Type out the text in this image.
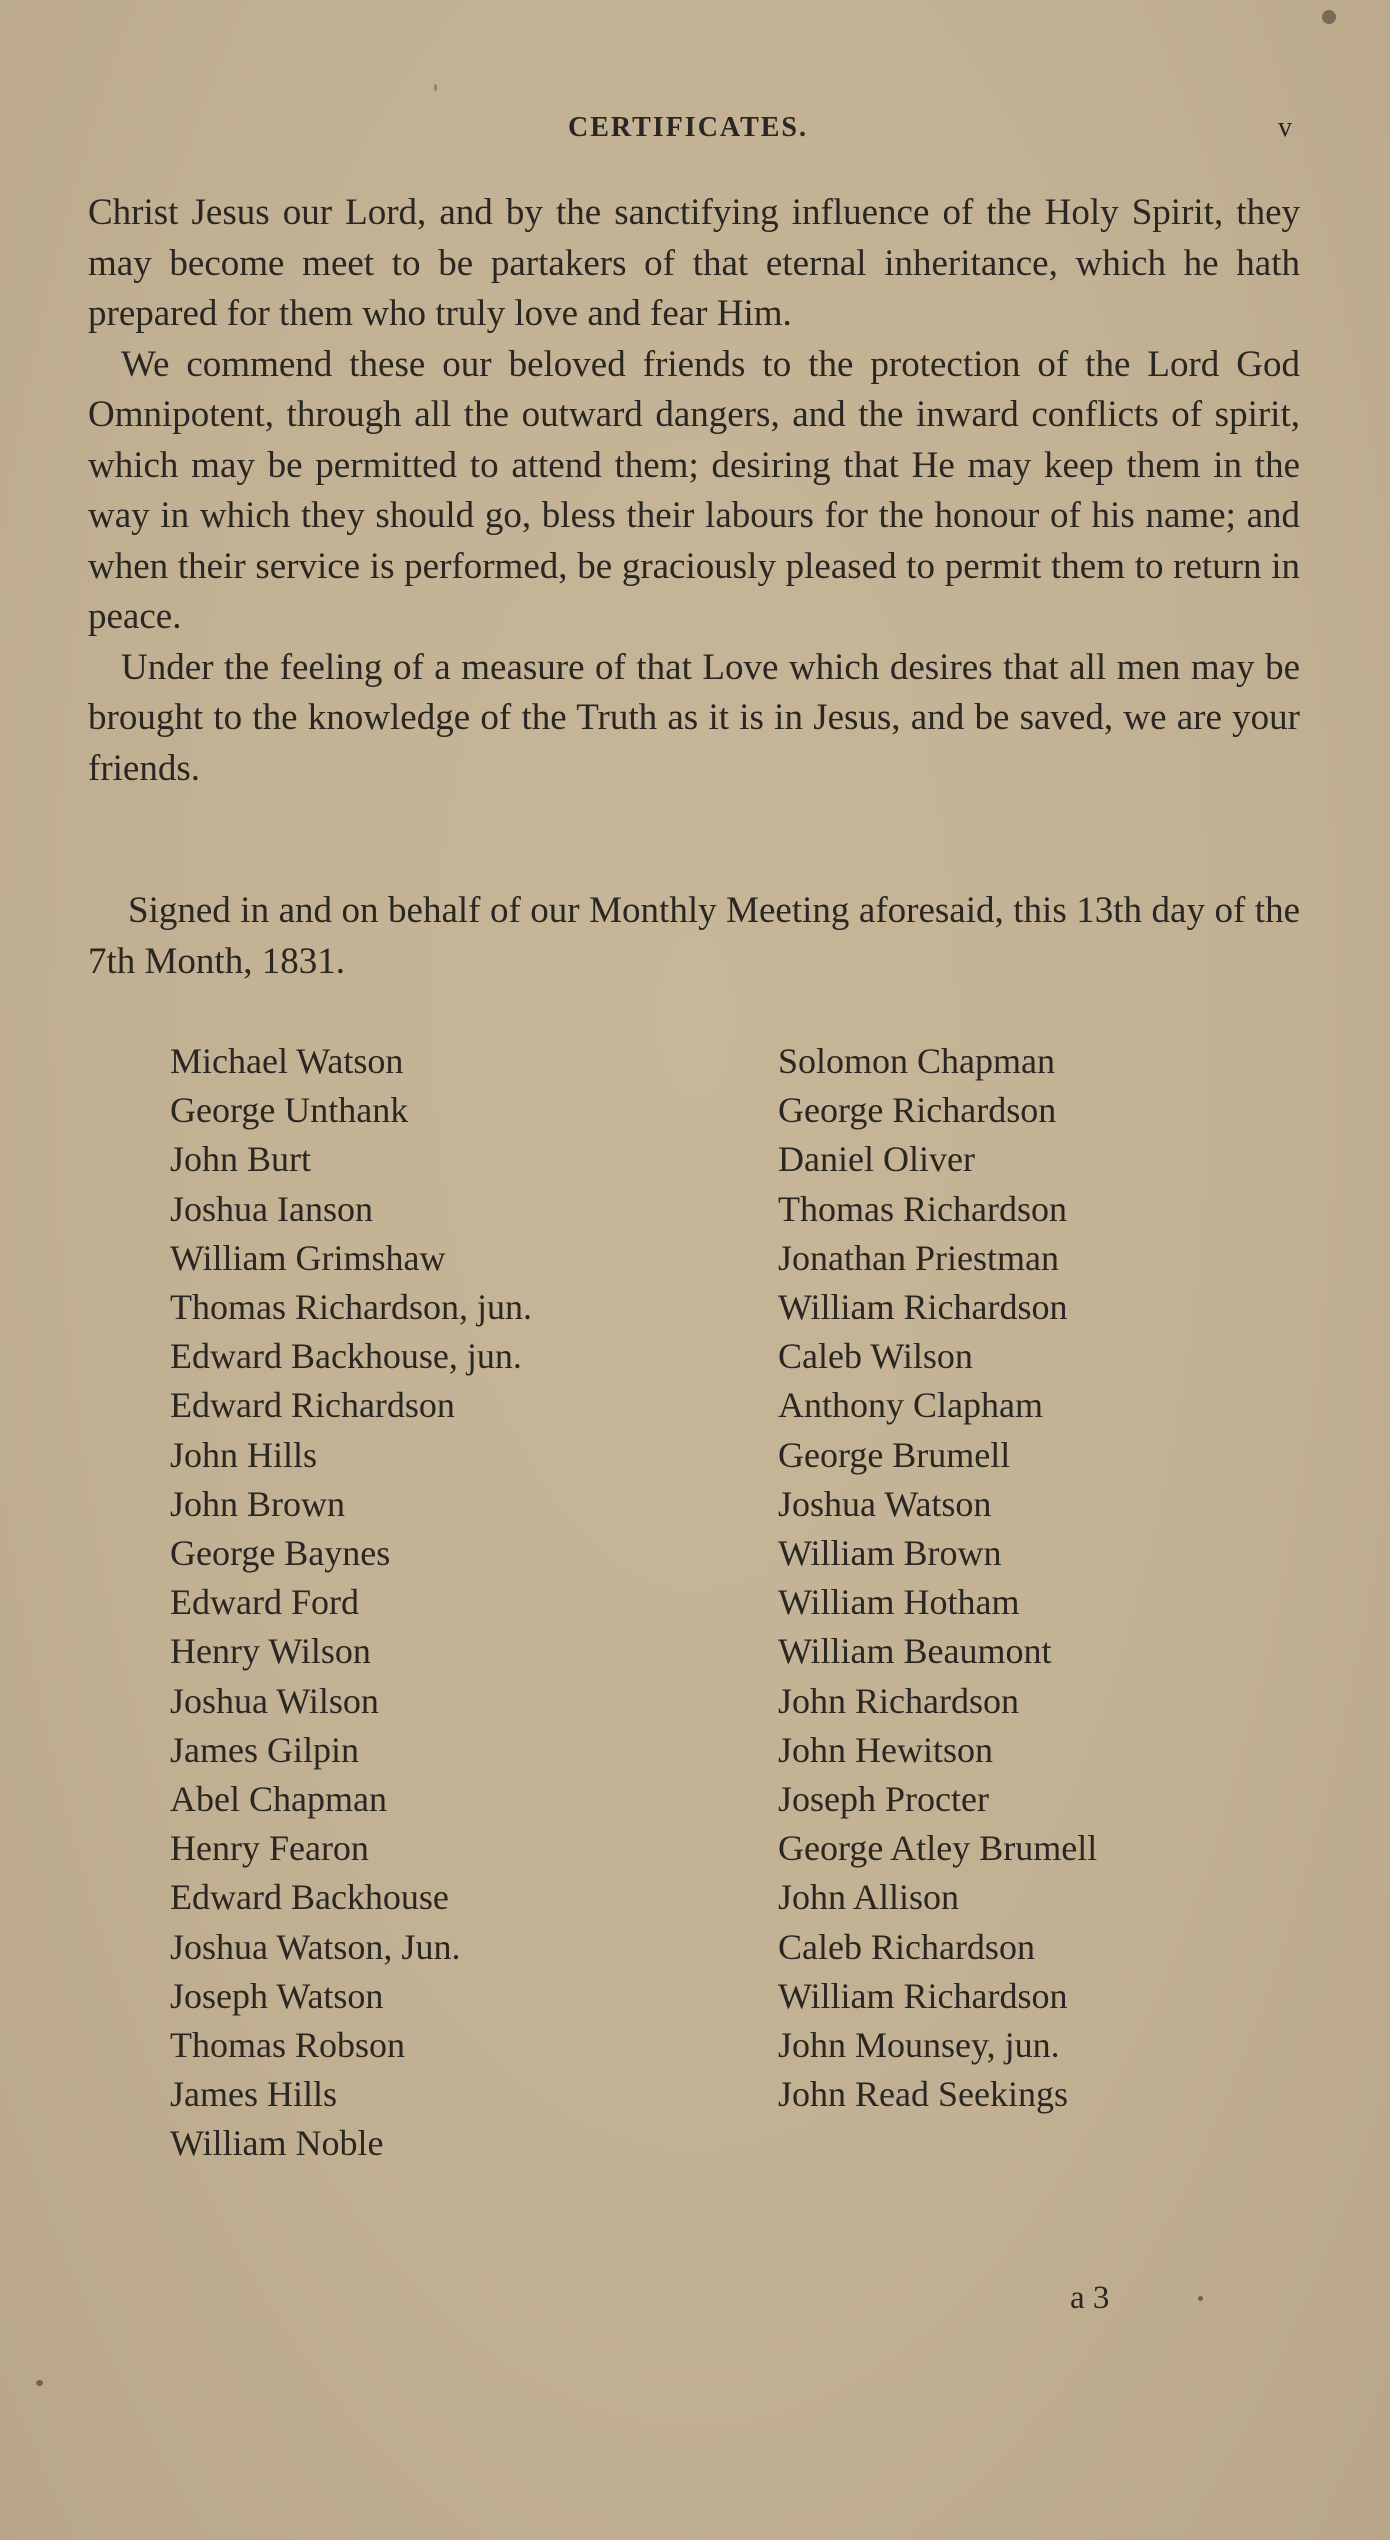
CERTIFICATES.	v

Christ Jesus our Lord, and by the sanctifying influence of the Holy Spirit, they may become meet to be partakers of that eternal inheritance, which he hath prepared for them who truly love and fear Him.

We commend these our beloved friends to the protection of the Lord God Omnipotent, through all the outward dangers, and the inward conflicts of spirit, which may be permitted to attend them; desiring that He may keep them in the way in which they should go, bless their labours for the honour of his name; and when their service is performed, be graciously pleased to permit them to return in peace.

Under the feeling of a measure of that Love which desires that all men may be brought to the knowledge of the Truth as it is in Jesus, and be saved, we are your friends.

Signed in and on behalf of our Monthly Meeting aforesaid, this 13th day of the 7th Month, 1831.
Michael Watson
George Unthank
John Burt
Joshua Ianson
William Grimshaw
Thomas Richardson, jun.
Edward Backhouse, jun.
Edward Richardson
John Hills
John Brown
George Baynes
Edward Ford
Henry Wilson
Joshua Wilson
James Gilpin
Abel Chapman
Henry Fearon
Edward Backhouse
Joshua Watson, Jun.
Joseph Watson
Thomas Robson
James Hills
William Noble
Solomon Chapman
George Richardson
Daniel Oliver
Thomas Richardson
Jonathan Priestman
William Richardson
Caleb Wilson
Anthony Clapham
George Brumell
Joshua Watson
William Brown
William Hotham
William Beaumont
John Richardson
John Hewitson
Joseph Procter
George Atley Brumell
John Allison
Caleb Richardson
William Richardson
John Mounsey, jun.
John Read Seekings
a 3
